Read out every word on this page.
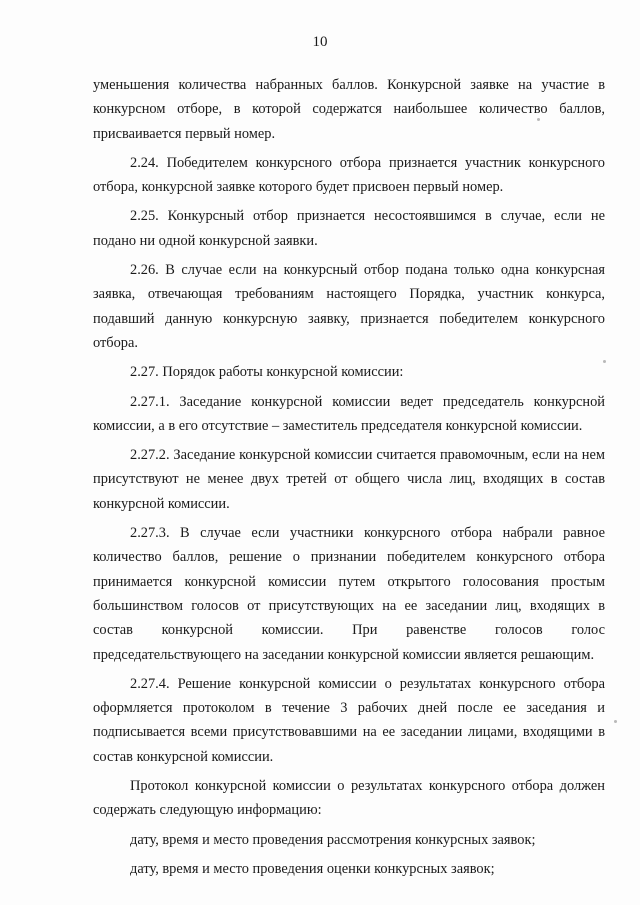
10

уменьшения количества набранных баллов. Конкурсной заявке на участие в конкурсном отборе, в которой содержатся наибольшее количество баллов, присваивается первый номер.

2.24. Победителем конкурсного отбора признается участник конкурсного отбора, конкурсной заявке которого будет присвоен первый номер.

2.25. Конкурсный отбор признается несостоявшимся в случае, если не подано ни одной конкурсной заявки.

2.26. В случае если на конкурсный отбор подана только одна конкурсная заявка, отвечающая требованиям настоящего Порядка, участник конкурса, подавший данную конкурсную заявку, признается победителем конкурсного отбора.

2.27. Порядок работы конкурсной комиссии:

2.27.1. Заседание конкурсной комиссии ведет председатель конкурсной комиссии, а в его отсутствие – заместитель председателя конкурсной комиссии.

2.27.2. Заседание конкурсной комиссии считается правомочным, если на нем присутствуют не менее двух третей от общего числа лиц, входящих в состав конкурсной комиссии.

2.27.3. В случае если участники конкурсного отбора набрали равное количество баллов, решение о признании победителем конкурсного отбора принимается конкурсной комиссии путем открытого голосования простым большинством голосов от присутствующих на ее заседании лиц, входящих в состав конкурсной комиссии. При равенстве голосов голос председательствующего на заседании конкурсной комиссии является решающим.

2.27.4. Решение конкурсной комиссии о результатах конкурсного отбора оформляется протоколом в течение 3 рабочих дней после ее заседания и подписывается всеми присутствовавшими на ее заседании лицами, входящими в состав конкурсной комиссии.

Протокол конкурсной комиссии о результатах конкурсного отбора должен содержать следующую информацию:

дату, время и место проведения рассмотрения конкурсных заявок;

дату, время и место проведения оценки конкурсных заявок;
